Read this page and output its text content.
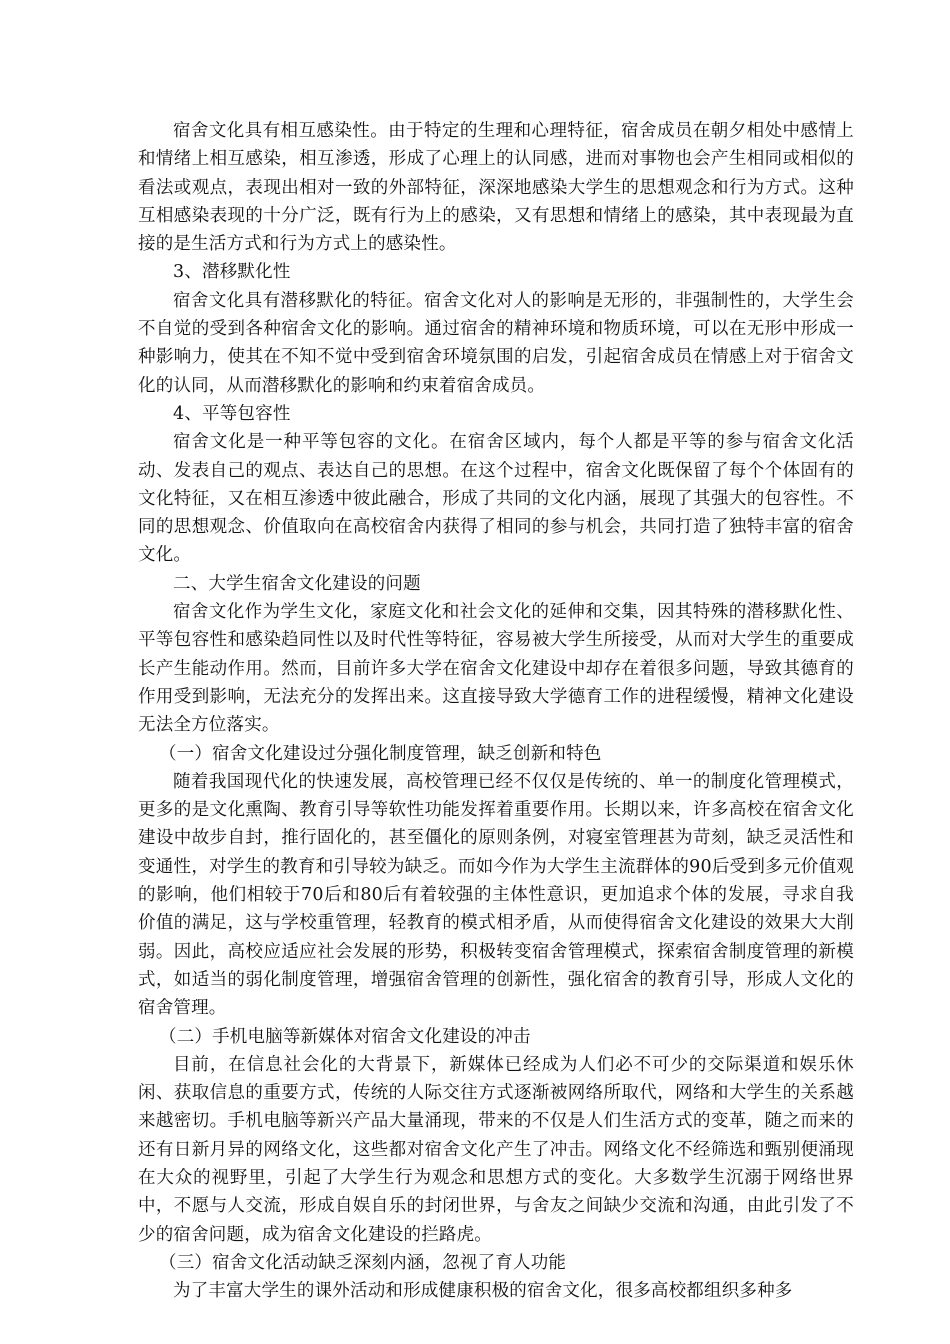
宿舍文化具有相互感染性。由于特定的生理和心理特征，宿舍成员在朝夕相处中感情上和情绪上相互感染，相互渗透，形成了心理上的认同感，进而对事物也会产生相同或相似的看法或观点，表现出相对一致的外部特征，深深地感染大学生的思想观念和行为方式。这种互相感染表现的十分广泛，既有行为上的感染，又有思想和情绪上的感染，其中表现最为直接的是生活方式和行为方式上的感染性。

3、潜移默化性

宿舍文化具有潜移默化的特征。宿舍文化对人的影响是无形的，非强制性的，大学生会不自觉的受到各种宿舍文化的影响。通过宿舍的精神环境和物质环境，可以在无形中形成一种影响力，使其在不知不觉中受到宿舍环境氛围的启发，引起宿舍成员在情感上对于宿舍文化的认同，从而潜移默化的影响和约束着宿舍成员。

4、平等包容性

宿舍文化是一种平等包容的文化。在宿舍区域内，每个人都是平等的参与宿舍文化活动、发表自己的观点、表达自己的思想。在这个过程中，宿舍文化既保留了每个个体固有的文化特征，又在相互渗透中彼此融合，形成了共同的文化内涵，展现了其强大的包容性。不同的思想观念、价值取向在高校宿舍内获得了相同的参与机会，共同打造了独特丰富的宿舍文化。

二、大学生宿舍文化建设的问题

宿舍文化作为学生文化，家庭文化和社会文化的延伸和交集，因其特殊的潜移默化性、平等包容性和感染趋同性以及时代性等特征，容易被大学生所接受，从而对大学生的重要成长产生能动作用。然而，目前许多大学在宿舍文化建设中却存在着很多问题，导致其德育的作用受到影响，无法充分的发挥出来。这直接导致大学德育工作的进程缓慢，精神文化建设无法全方位落实。

（一）宿舍文化建设过分强化制度管理，缺乏创新和特色

随着我国现代化的快速发展，高校管理已经不仅仅是传统的、单一的制度化管理模式，更多的是文化熏陶、教育引导等软性功能发挥着重要作用。长期以来，许多高校在宿舍文化建设中故步自封，推行固化的，甚至僵化的原则条例，对寝室管理甚为苛刻，缺乏灵活性和变通性，对学生的教育和引导较为缺乏。而如今作为大学生主流群体的90后受到多元价值观的影响，他们相较于70后和80后有着较强的主体性意识，更加追求个体的发展，寻求自我价值的满足，这与学校重管理，轻教育的模式相矛盾，从而使得宿舍文化建设的效果大大削弱。因此，高校应适应社会发展的形势，积极转变宿舍管理模式，探索宿舍制度管理的新模式，如适当的弱化制度管理，增强宿舍管理的创新性，强化宿舍的教育引导，形成人文化的宿舍管理。

（二）手机电脑等新媒体对宿舍文化建设的冲击

目前，在信息社会化的大背景下，新媒体已经成为人们必不可少的交际渠道和娱乐休闲、获取信息的重要方式，传统的人际交往方式逐渐被网络所取代，网络和大学生的关系越来越密切。手机电脑等新兴产品大量涌现，带来的不仅是人们生活方式的变革，随之而来的还有日新月异的网络文化，这些都对宿舍文化产生了冲击。网络文化不经筛选和甄别便涌现在大众的视野里，引起了大学生行为观念和思想方式的变化。大多数学生沉溺于网络世界中，不愿与人交流，形成自娱自乐的封闭世界，与舍友之间缺少交流和沟通，由此引发了不少的宿舍问题，成为宿舍文化建设的拦路虎。

（三）宿舍文化活动缺乏深刻内涵，忽视了育人功能

为了丰富大学生的课外活动和形成健康积极的宿舍文化，很多高校都组织多种多
